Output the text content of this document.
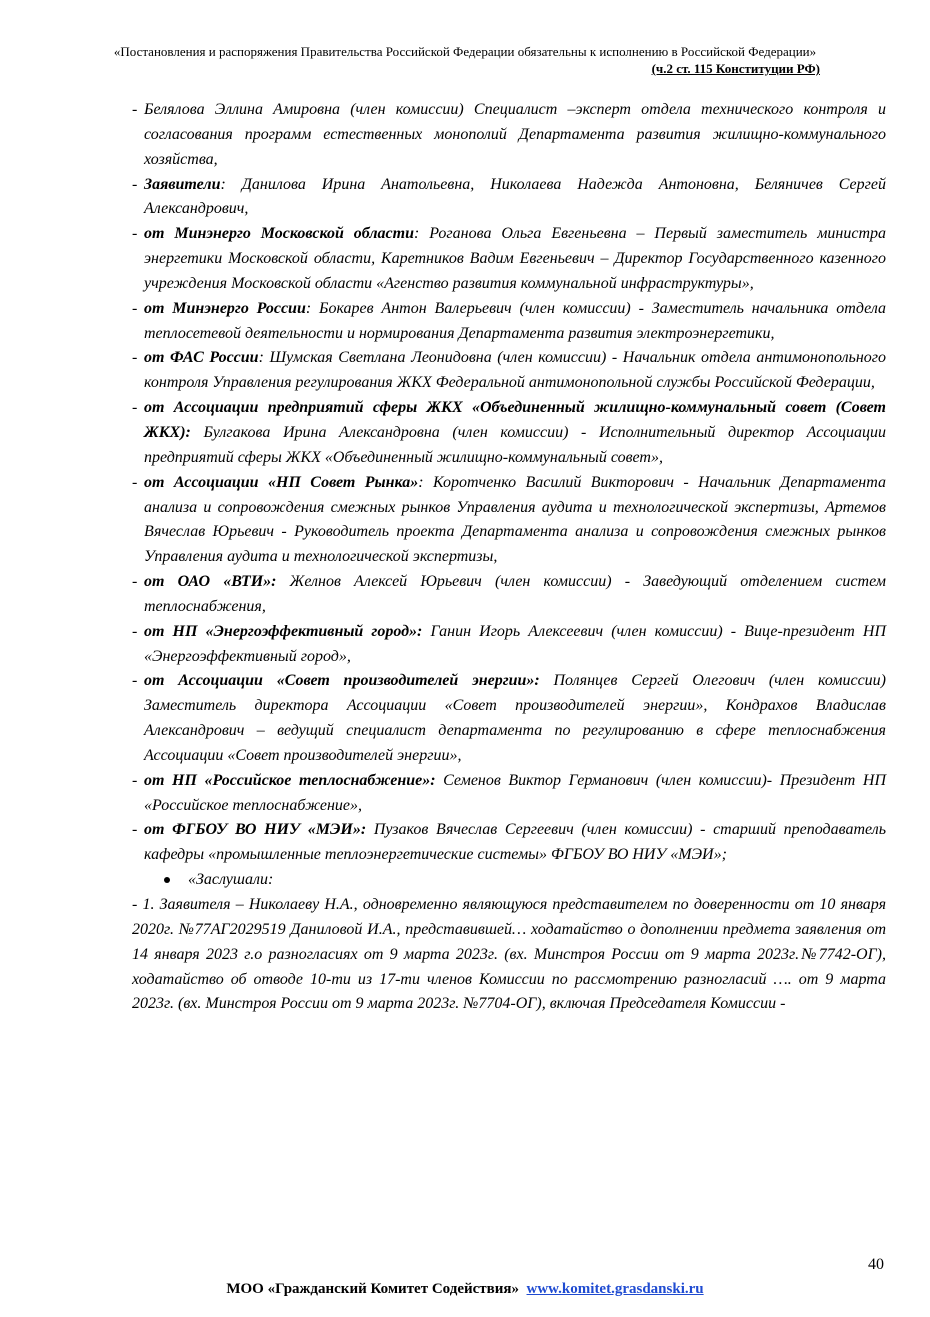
«Постановления и распоряжения Правительства Российской Федерации обязательны к исполнению в Российской Федерации»
(ч.2 ст. 115 Конституции РФ)

- Белялова Эллина Амировна (член комиссии) Специалист –эксперт отдела технического контроля и согласования программ естественных монополий Департамента развития жилищно-коммунального хозяйства,

- Заявители: Данилова Ирина Анатольевна, Николаева Надежда Антоновна, Беляничев Сергей Александрович,

- от Минэнерго Московской области: Роганова Ольга Евгеньевна – Первый заместитель министра энергетики Московской области, Каретников Вадим Евгеньевич – Директор Государственного казенного учреждения Московской области «Агенство развития коммунальной инфраструктуры»,

- от Минэнерго России: Бокарев Антон Валерьевич (член комиссии) - Заместитель начальника отдела теплосетевой деятельности и нормирования Департамента развития электроэнергетики,

- от ФАС России: Шумская Светлана Леонидовна (член комиссии) - Начальник отдела антимонопольного контроля Управления регулирования ЖКХ Федеральной антимонопольной службы Российской Федерации,

- от Ассоциации предприятий сферы ЖКХ «Объединенный жилищно-коммунальный совет (Совет ЖКХ): Булгакова Ирина Александровна (член комиссии) - Исполнительный директор Ассоциации предприятий сферы ЖКХ «Объединенный жилищно-коммунальный совет»,

- от Ассоциации «НП Совет Рынка»: Коротченко Василий Викторович - Начальник Департамента анализа и сопровождения смежных рынков Управления аудита и технологической экспертизы, Артемов Вячеслав Юрьевич - Руководитель проекта Департамента анализа и сопровождения смежных рынков Управления аудита и технологической экспертизы,

- от ОАО «ВТИ»: Желнов Алексей Юрьевич (член комиссии) - Заведующий отделением систем теплоснабжения,

- от НП «Энергоэффективный город»: Ганин Игорь Алексеевич (член комиссии) - Вице-президент НП «Энергоэффективный город»,

- от Ассоциации «Совет производителей энергии»: Полянцев Сергей Олегович (член комиссии) Заместитель директора Ассоциации «Совет производителей энергии», Кондрахов Владислав Александрович – ведущий специалист департамента по регулированию в сфере теплоснабжения Ассоциации «Совет производителей энергии»,

- от НП «Российское теплоснабжение»: Семенов Виктор Германович (член комиссии)- Президент НП «Российское теплоснабжение»,

- от ФГБОУ ВО НИУ «МЭИ»: Пузаков Вячеслав Сергеевич (член комиссии) - старший преподаватель кафедры «промышленные теплоэнергетические системы» ФГБОУ ВО НИУ «МЭИ»;

«Заслушали:

- 1. Заявителя – Николаеву Н.А., одновременно являющуюся представителем по доверенности от 10 января 2020г. №77АГ2029519 Даниловой И.А., представившей… ходатайство о дополнении предмета заявления от 14 января 2023 г.о разногласиях от 9 марта 2023г. (вх. Минстроя России от 9 марта 2023г.№7742-ОГ), ходатайство об отводе 10-ти из 17-ти членов Комиссии по рассмотрению разногласий …. от 9 марта 2023г. (вх. Минстроя России от 9 марта 2023г. №7704-ОГ), включая Председателя Комиссии -

40
МОО «Гражданский Комитет Содействия» www.komitet.grasdanski.ru
